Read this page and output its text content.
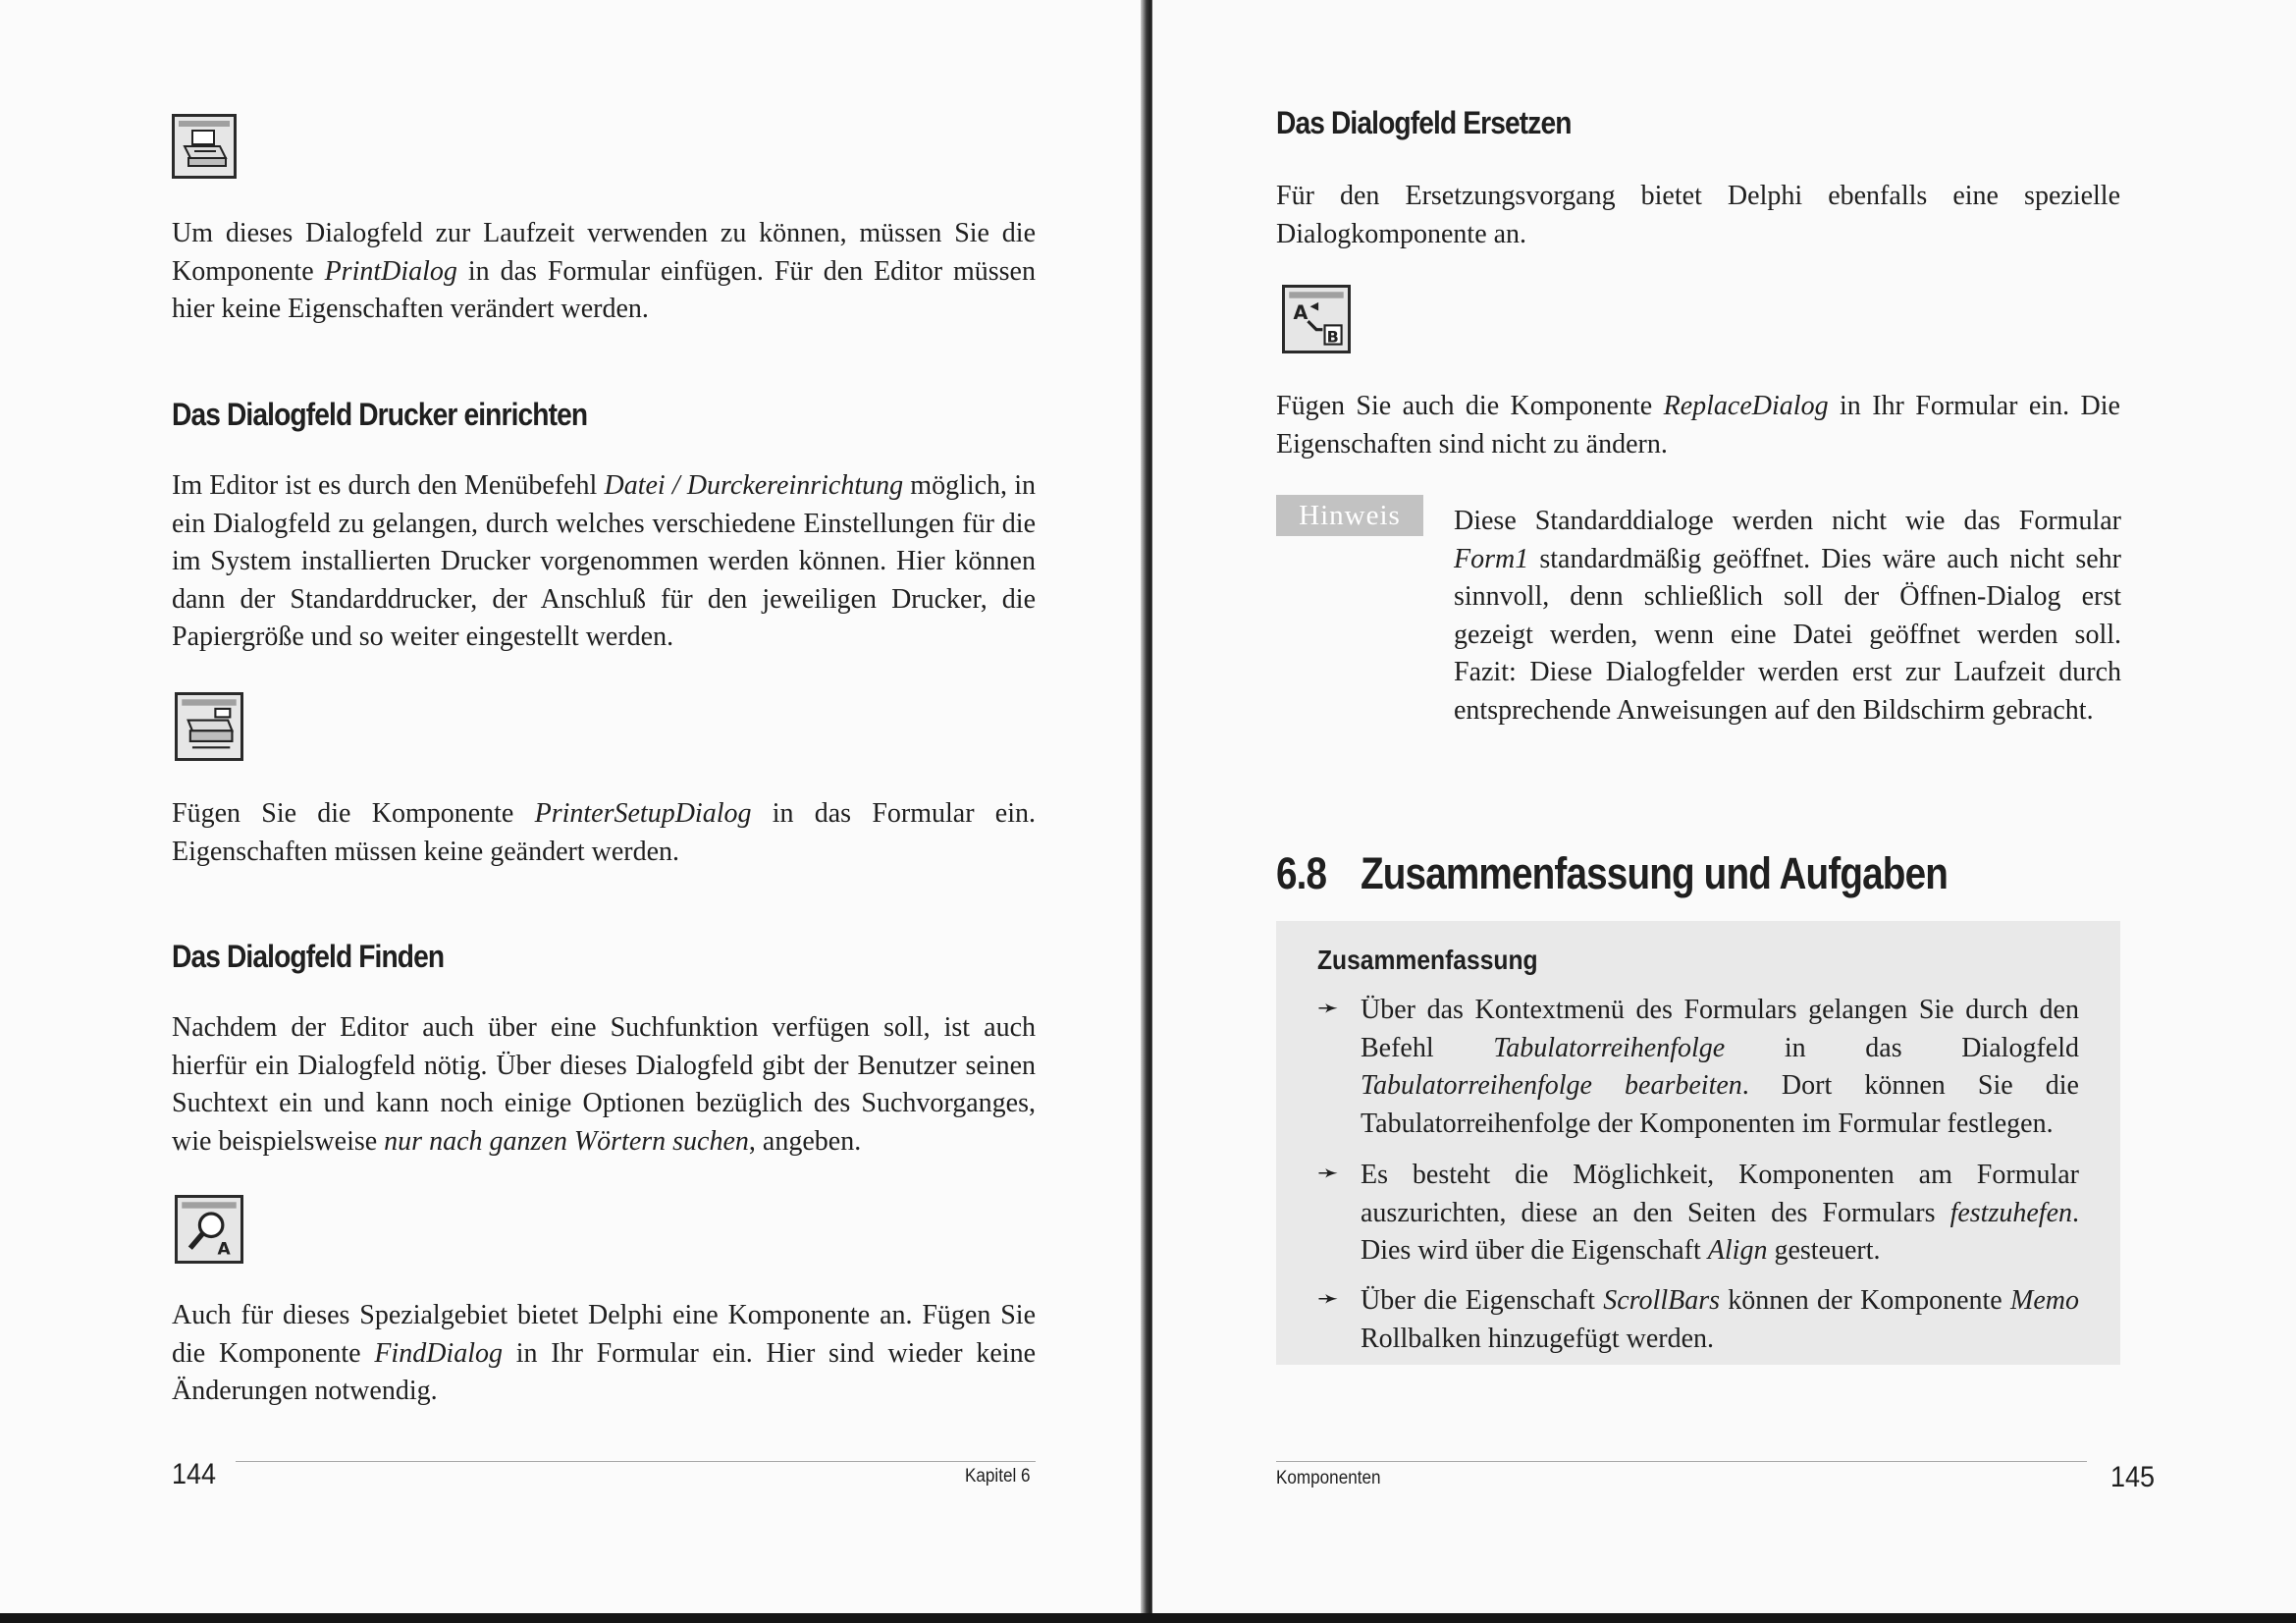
Um dieses Dialogfeld zur Laufzeit verwenden zu können, müssen Sie die Komponente PrintDialog in das Formular einfügen. Für den Editor müssen hier keine Eigenschaften verändert werden.

Das Dialogfeld Drucker einrichten

Im Editor ist es durch den Menübefehl Datei / Durckereinrichtung möglich, in ein Dialogfeld zu gelangen, durch welches verschiedene Einstellungen für die im System installierten Drucker vorgenommen werden können. Hier können dann der Standarddrucker, der Anschluß für den jeweiligen Drucker, die Papiergröße und so weiter eingestellt werden.

Fügen Sie die Komponente PrinterSetupDialog in das Formular ein. Eigenschaften müssen keine geändert werden.

Das Dialogfeld Finden

Nachdem der Editor auch über eine Suchfunktion verfügen soll, ist auch hierfür ein Dialogfeld nötig. Über dieses Dialogfeld gibt der Benutzer seinen Suchtext ein und kann noch einige Optionen bezüglich des Suchvorganges, wie beispielsweise nur nach ganzen Wörtern suchen, angeben.

A

Auch für dieses Spezialgebiet bietet Delphi eine Komponente an. Fügen Sie die Komponente FindDialog in Ihr Formular ein. Hier sind wieder keine Änderungen notwendig.

144	Kapitel 6
Das Dialogfeld Ersetzen

Für den Ersetzungsvorgang bietet Delphi ebenfalls eine spezielle Dialogkomponente an.

A
B

Fügen Sie auch die Komponente ReplaceDialog in Ihr Formular ein. Die Eigenschaften sind nicht zu ändern.

Hinweis	Diese Standarddialoge werden nicht wie das Formular Form1 standardmäßig geöffnet. Dies wäre auch nicht sehr sinnvoll, denn schließlich soll der Öffnen-Dialog erst gezeigt werden, wenn eine Datei geöffnet werden soll. Fazit: Diese Dialogfelder werden erst zur Laufzeit durch entsprechende Anweisungen auf den Bildschirm gebracht.

6.8 Zusammenfassung und Aufgaben
Zusammenfassung
➛ Über das Kontextmenü des Formulars gelangen Sie durch den Befehl Tabulatorreihenfolge in das Dialogfeld Tabulatorreihenfolge bearbeiten. Dort können Sie die Tabulatorreihenfolge der Komponenten im Formular festlegen.

➛ Es besteht die Möglichkeit, Komponenten am Formular auszurichten, diese an den Seiten des Formulars festzuhefen. Dies wird über die Eigenschaft Align gesteuert.

➛ Über die Eigenschaft ScrollBars können der Komponente Memo Rollbalken hinzugefügt werden.

Komponenten	145
